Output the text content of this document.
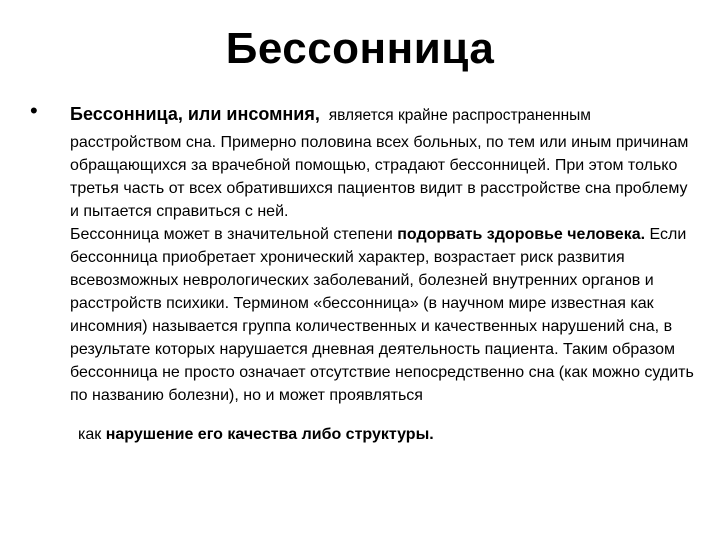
Бессонница
• Бессонница, или инсомния, является крайне распространенным

расстройством сна. Примерно половина всех больных, по тем или иным причинам обращающихся за врачебной помощью, страдают бессонницей. При этом только третья часть от всех обратившихся пациентов видит в расстройстве сна проблему и пытается справиться с ней.

Бессонница может в значительной степени подорвать здоровье человека. Если бессонница приобретает хронический характер, возрастает риск развития всевозможных неврологических заболеваний, болезней внутренних органов и расстройств психики. Термином «бессонница» (в научном мире известная как инсомния) называется группа количественных и качественных нарушений сна, в результате которых нарушается дневная деятельность пациента. Таким образом бессонница не просто означает отсутствие непосредственно сна (как можно судить по названию болезни), но и может проявляться

как нарушение его качества либо структуры.
